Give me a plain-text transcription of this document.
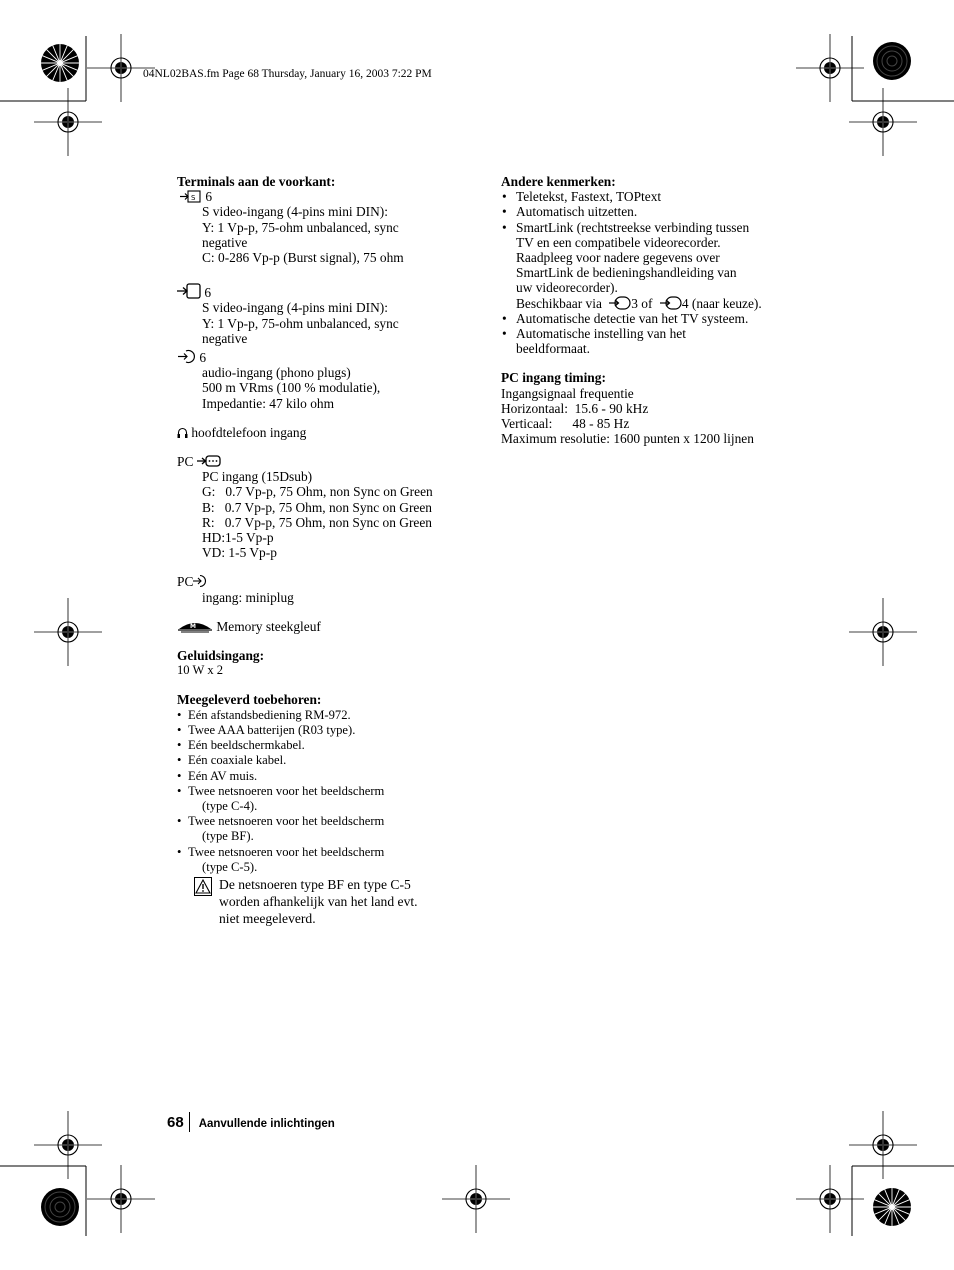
04NL02BAS.fm Page 68 Thursday, January 16, 2003 7:22 PM
Terminals aan de voorkant:
S 6
S video-ingang (4-pins mini DIN):
Y: 1 Vp-p, 75-ohm unbalanced, sync
negative
C: 0-286 Vp-p (Burst signal), 75 ohm
6
S video-ingang (4-pins mini DIN):
Y: 1 Vp-p, 75-ohm unbalanced, sync
negative
6
audio-ingang (phono plugs)
500 m VRms (100 % modulatie),
Impedantie: 47 kilo ohm
hoofdtelefoon ingang
PC
PC ingang (15Dsub)
G:   0.7 Vp-p, 75 Ohm, non Sync on Green
B:   0.7 Vp-p, 75 Ohm, non Sync on Green
R:   0.7 Vp-p, 75 Ohm, non Sync on Green
HD:1-5 Vp-p
VD: 1-5 Vp-p
PC
ingang: miniplug
M Memory steekgleuf
Geluidsingang:
10 W x 2
Meegeleverd toebehoren:
• Eén afstandsbediening RM-972.
• Twee AAA batterijen (R03 type).
• Eén beeldschermkabel.
• Eén coaxiale kabel.
• Eén AV muis.
• Twee netsnoeren voor het beeldscherm
(type C-4).
• Twee netsnoeren voor het beeldscherm
(type BF).
• Twee netsnoeren voor het beeldscherm
(type C-5).
De netsnoeren type BF en type C-5
worden afhankelijk van het land evt.
niet meegeleverd.
Andere kenmerken:
• Teletekst, Fastext, TOPtext
• Automatisch uitzetten.
• SmartLink (rechtstreekse verbinding tussen
TV en een compatibele videorecorder.
Raadpleeg voor nadere gegevens over
SmartLink de bedieningshandleiding van
uw videorecorder).
Beschikbaar via 3 of 4 (naar keuze).
• Automatische detectie van het TV systeem.
• Automatische instelling van het
beeldformaat.
PC ingang timing:
Ingangsignaal frequentie
Horizontaal:  15.6 - 90 kHz
Verticaal:      48 - 85 Hz
Maximum resolutie: 1600 punten x 1200 lijnen
68 Aanvullende inlichtingen
